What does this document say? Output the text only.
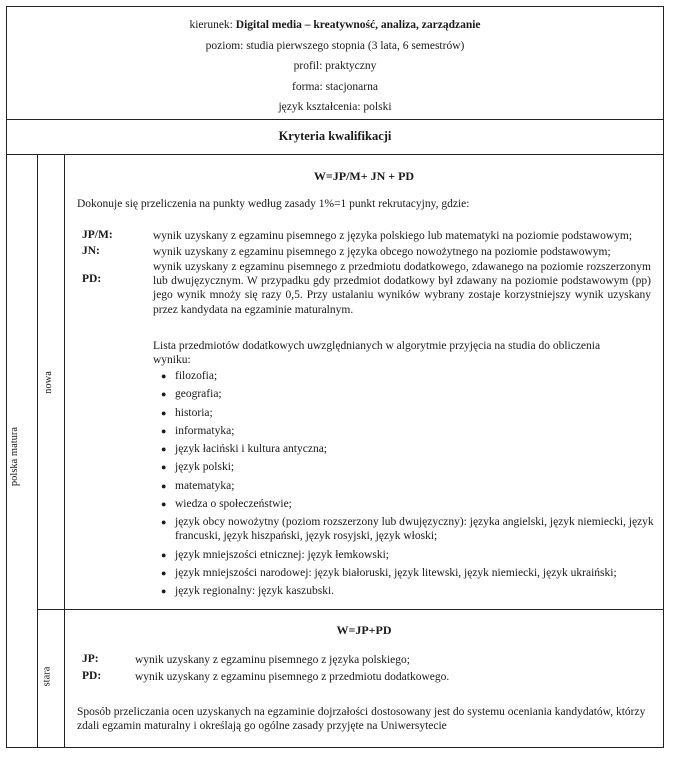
kierunek: Digital media – kreatywność, analiza, zarządzanie
poziom: studia pierwszego stopnia (3 lata, 6 semestrów)
profil: praktyczny
forma: stacjonarna
język kształcenia: polski
Kryteria kwalifikacji
polska matura
nowa
stara
W=JP/M+ JN + PD
Dokonuje się przeliczenia na punkty według zasady 1%=1 punkt rekrutacyjny, gdzie:
JP/M:	wynik uzyskany z egzaminu pisemnego z języka polskiego lub matematyki na poziomie podstawowym;
JN:	wynik uzyskany z egzaminu pisemnego z języka obcego nowożytnego na poziomie podstawowym;
PD:
wynik uzyskany z egzaminu pisemnego z przedmiotu dodatkowego, zdawanego na poziomie rozszerzonym lub dwujęzycznym. W przypadku gdy przedmiot dodatkowy był zdawany na poziomie podstawowym (pp) jego wynik mnoży się razy 0,5. Przy ustalaniu wyników wybrany zostaje korzystniejszy wynik uzyskany przez kandydata na egzaminie maturalnym.
Lista przedmiotów dodatkowych uwzględnianych w algorytmie przyjęcia na studia do obliczenia wyniku:
● filozofia;
● geografia;
● historia;
● informatyka;
● język łaciński i kultura antyczna;
● język polski;
● matematyka;
● wiedza o społeczeństwie;
● język obcy nowożytny (poziom rozszerzony lub dwujęzyczny): języka angielski, język niemiecki, język francuski, język hiszpański, język rosyjski, język włoski;
● język mniejszości etnicznej: język łemkowski;
● język mniejszości narodowej: język białoruski, język litewski, język niemiecki, język ukraiński;
● język regionalny: język kaszubski.
W=JP+PD
JP:	wynik uzyskany z egzaminu pisemnego z języka polskiego;
PD:	wynik uzyskany z egzaminu pisemnego z przedmiotu dodatkowego.
Sposób przeliczania ocen uzyskanych na egzaminie dojrzałości dostosowany jest do systemu oceniania kandydatów, którzy zdali egzamin maturalny i określają go ogólne zasady przyjęte na Uniwersytecie
